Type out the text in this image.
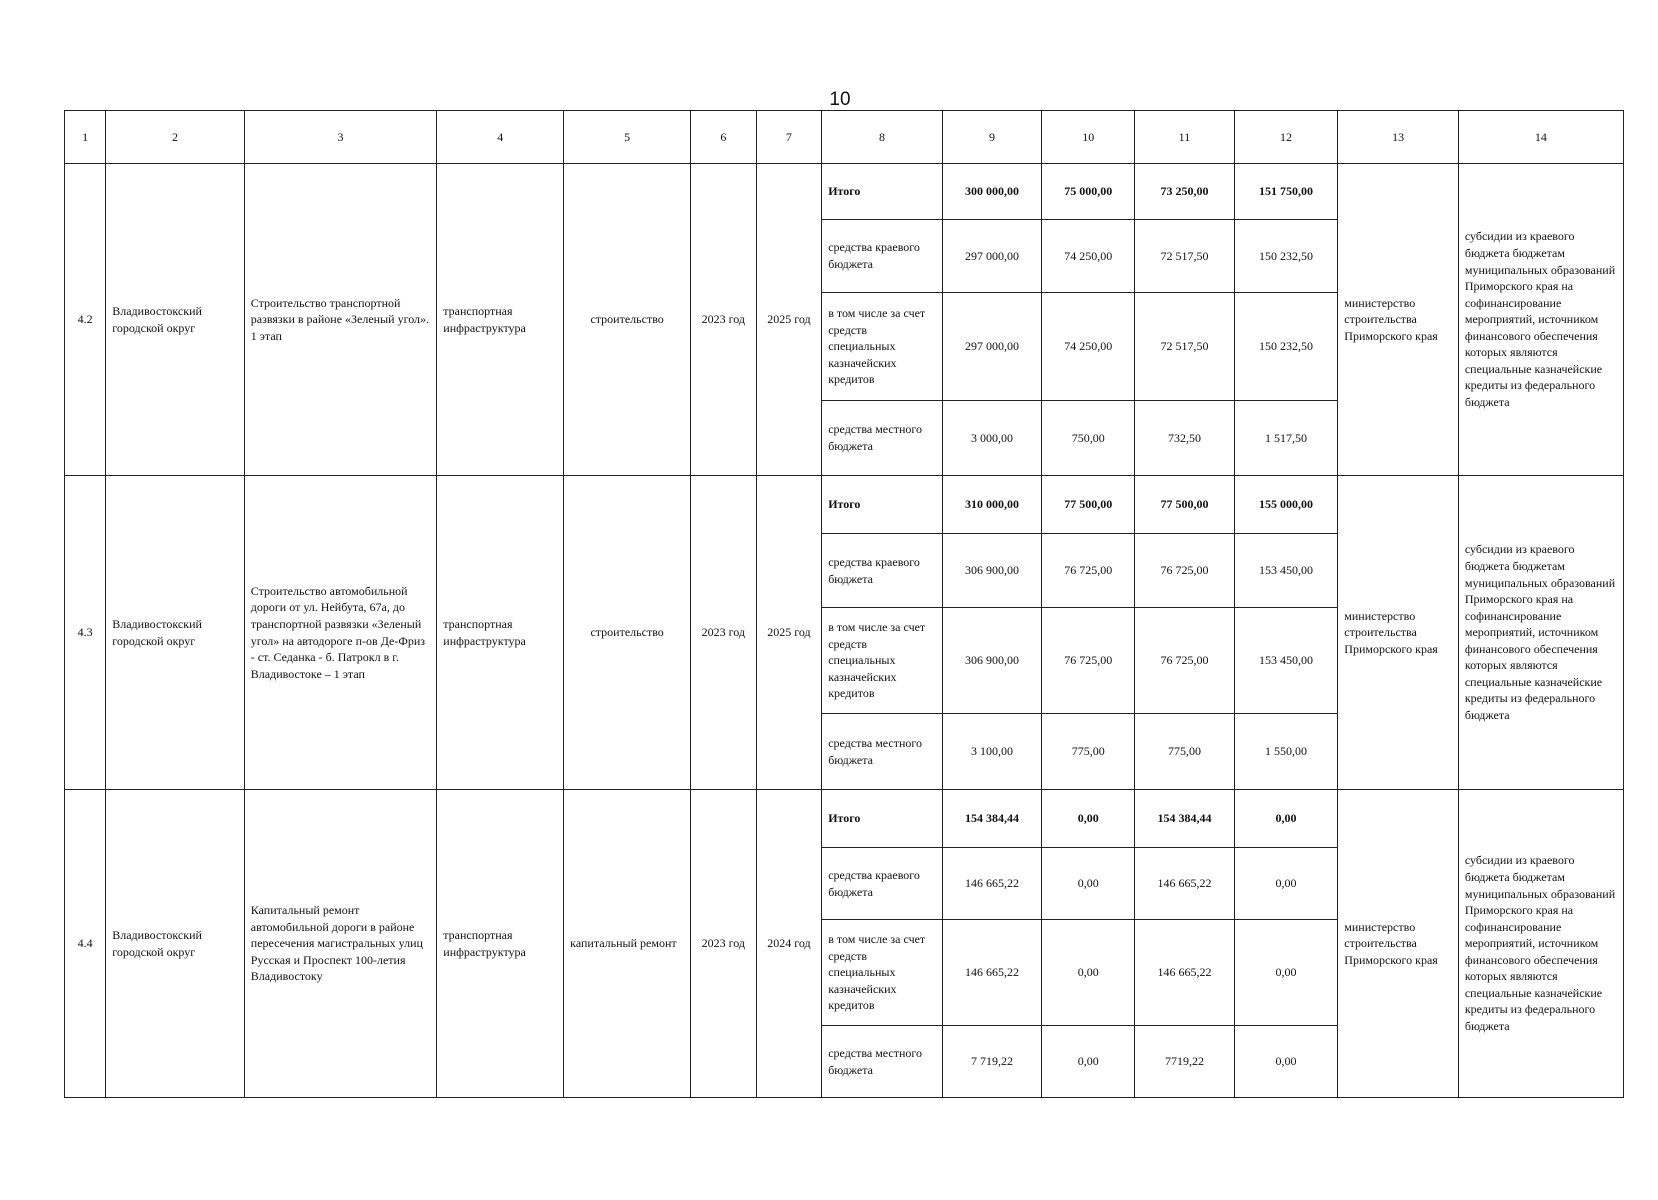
10
1	2	3	4	5	6	7	8	9	10	11	12	13	14
4.2	Владивостокский городской округ	Строительство транспортной развязки в районе «Зеленый угол». 1 этап	транспортная инфраструктура	строительство	2023 год	2025 год	Итого	300 000,00	75 000,00	73 250,00	151 750,00	министерство строительства Приморского края	субсидии из краевого бюджета бюджетам муниципальных образований Приморского края на софинансирование мероприятий, источником финансового обеспечения которых являются специальные казначейские кредиты из федерального бюджета
							средства краевого бюджета	297 000,00	74 250,00	72 517,50	150 232,50		
							в том числе за счет средств специальных казначейских кредитов	297 000,00	74 250,00	72 517,50	150 232,50		
							средства местного бюджета	3 000,00	750,00	732,50	1 517,50		
4.3	Владивостокский городской округ	Строительство автомобильной дороги от ул. Нейбута, 67а, до транспортной развязки «Зеленый угол» на автодороге п-ов Де-Фриз - ст. Седанка - б. Патрокл в г. Владивостоке – 1 этап	транспортная инфраструктура	строительство	2023 год	2025 год	Итого	310 000,00	77 500,00	77 500,00	155 000,00	министерство строительства Приморского края	субсидии из краевого бюджета бюджетам муниципальных образований Приморского края на софинансирование мероприятий, источником финансового обеспечения которых являются специальные казначейские кредиты из федерального бюджета
							средства краевого бюджета	306 900,00	76 725,00	76 725,00	153 450,00		
							в том числе за счет средств специальных казначейских кредитов	306 900,00	76 725,00	76 725,00	153 450,00		
							средства местного бюджета	3 100,00	775,00	775,00	1 550,00		
4.4	Владивостокский городской округ	Капитальный ремонт автомобильной дороги в районе пересечения магистральных улиц Русская и Проспект 100-летия Владивостоку	транспортная инфраструктура	капитальный ремонт	2023 год	2024 год	Итого	154 384,44	0,00	154 384,44	0,00	министерство строительства Приморского края	субсидии из краевого бюджета бюджетам муниципальных образований Приморского края на софинансирование мероприятий, источником финансового обеспечения которых являются специальные казначейские кредиты из федерального бюджета
							средства краевого бюджета	146 665,22	0,00	146 665,22	0,00		
							в том числе за счет средств специальных казначейских кредитов	146 665,22	0,00	146 665,22	0,00		
							средства местного бюджета	7 719,22	0,00	7719,22	0,00		
